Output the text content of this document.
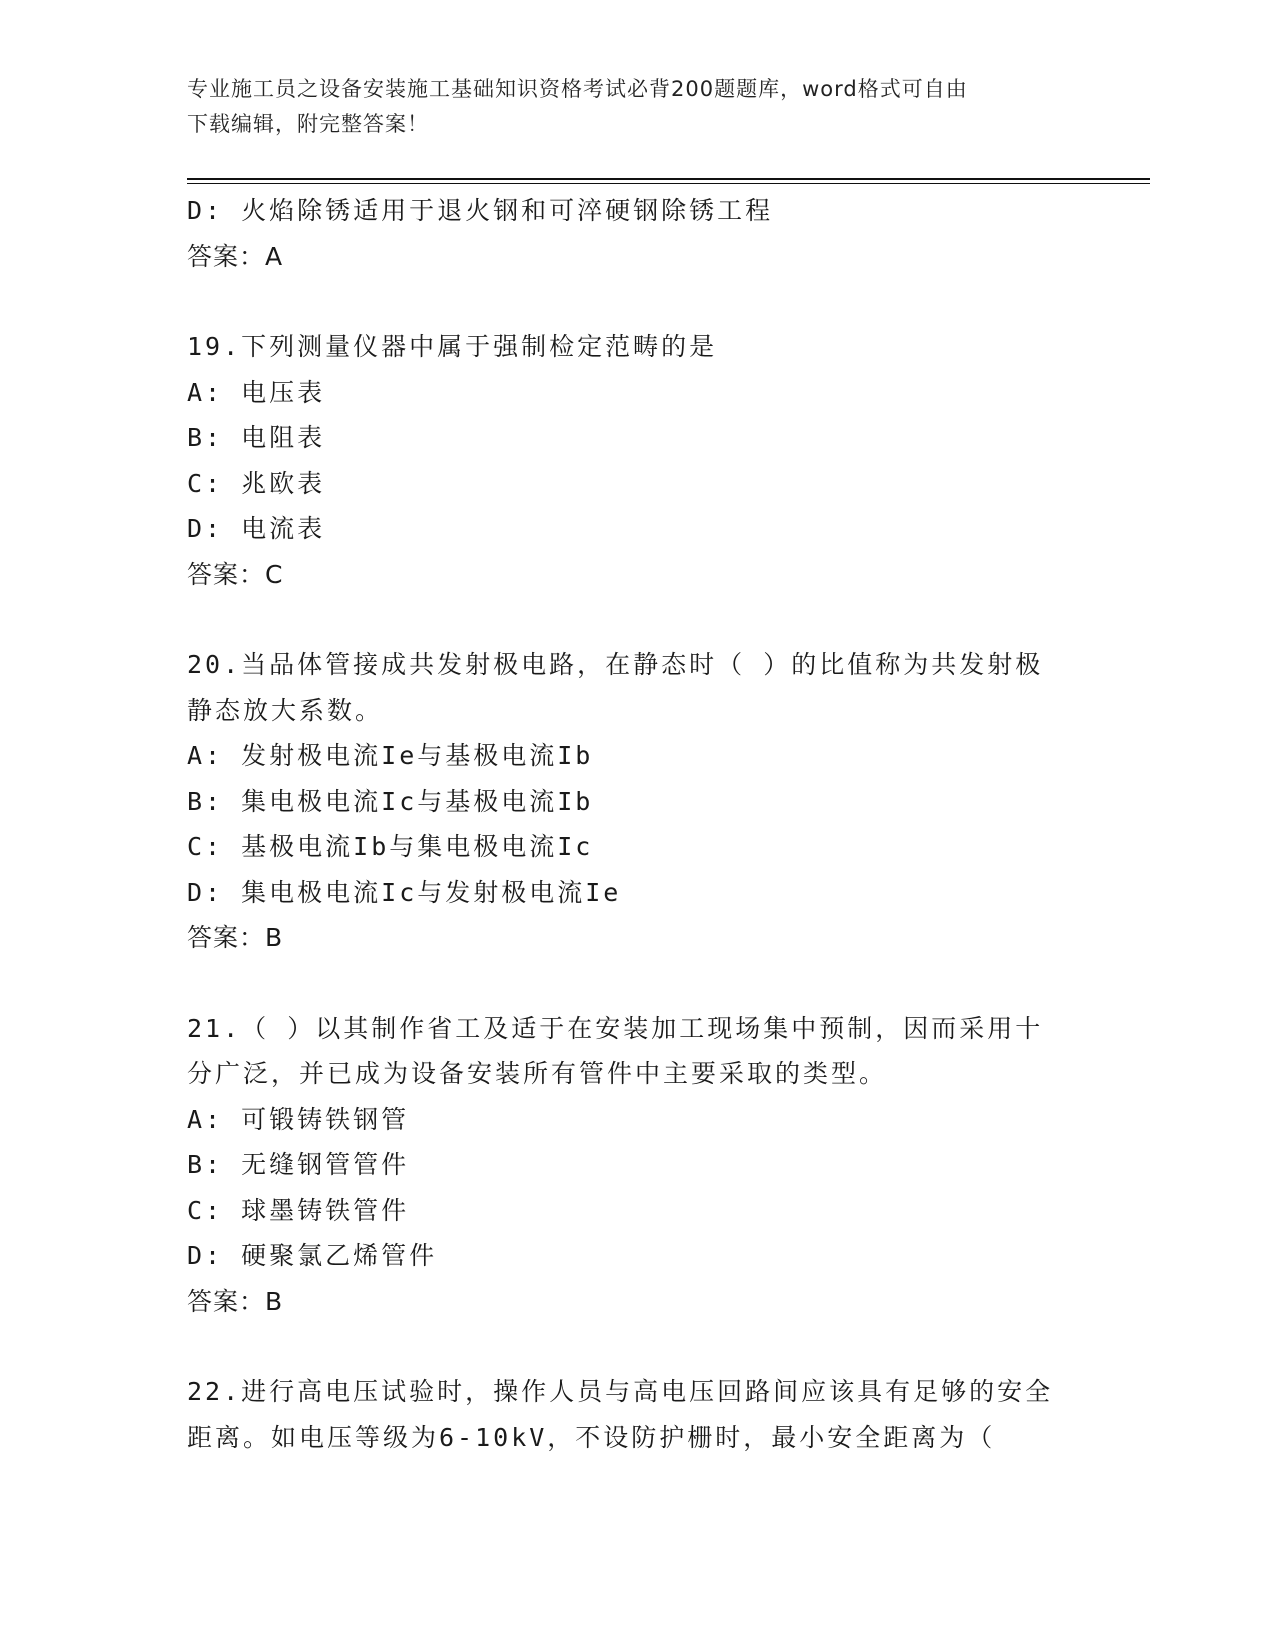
专业施工员之设备安装施工基础知识资格考试必背200题题库，word格式可自由
下载编辑，附完整答案！
D: 火焰除锈适用于退火钢和可淬硬钢除锈工程
答案：A
19.下列测量仪器中属于强制检定范畴的是
A: 电压表
B: 电阻表
C: 兆欧表
D: 电流表
答案：C
20.当品体管接成共发射极电路，在静态时（ ）的比值称为共发射极
静态放大系数。
A: 发射极电流Ie与基极电流Ib
B: 集电极电流Ic与基极电流Ib
C: 基极电流Ib与集电极电流Ic
D: 集电极电流Ic与发射极电流Ie
答案：B
21.（ ）以其制作省工及适于在安装加工现场集中预制，因而采用十
分广泛，并已成为设备安装所有管件中主要采取的类型。
A: 可锻铸铁钢管
B: 无缝钢管管件
C: 球墨铸铁管件
D: 硬聚氯乙烯管件
答案：B
22.进行高电压试验时，操作人员与高电压回路间应该具有足够的安全
距离。如电压等级为6-10kV，不设防护栅时，最小安全距离为（
